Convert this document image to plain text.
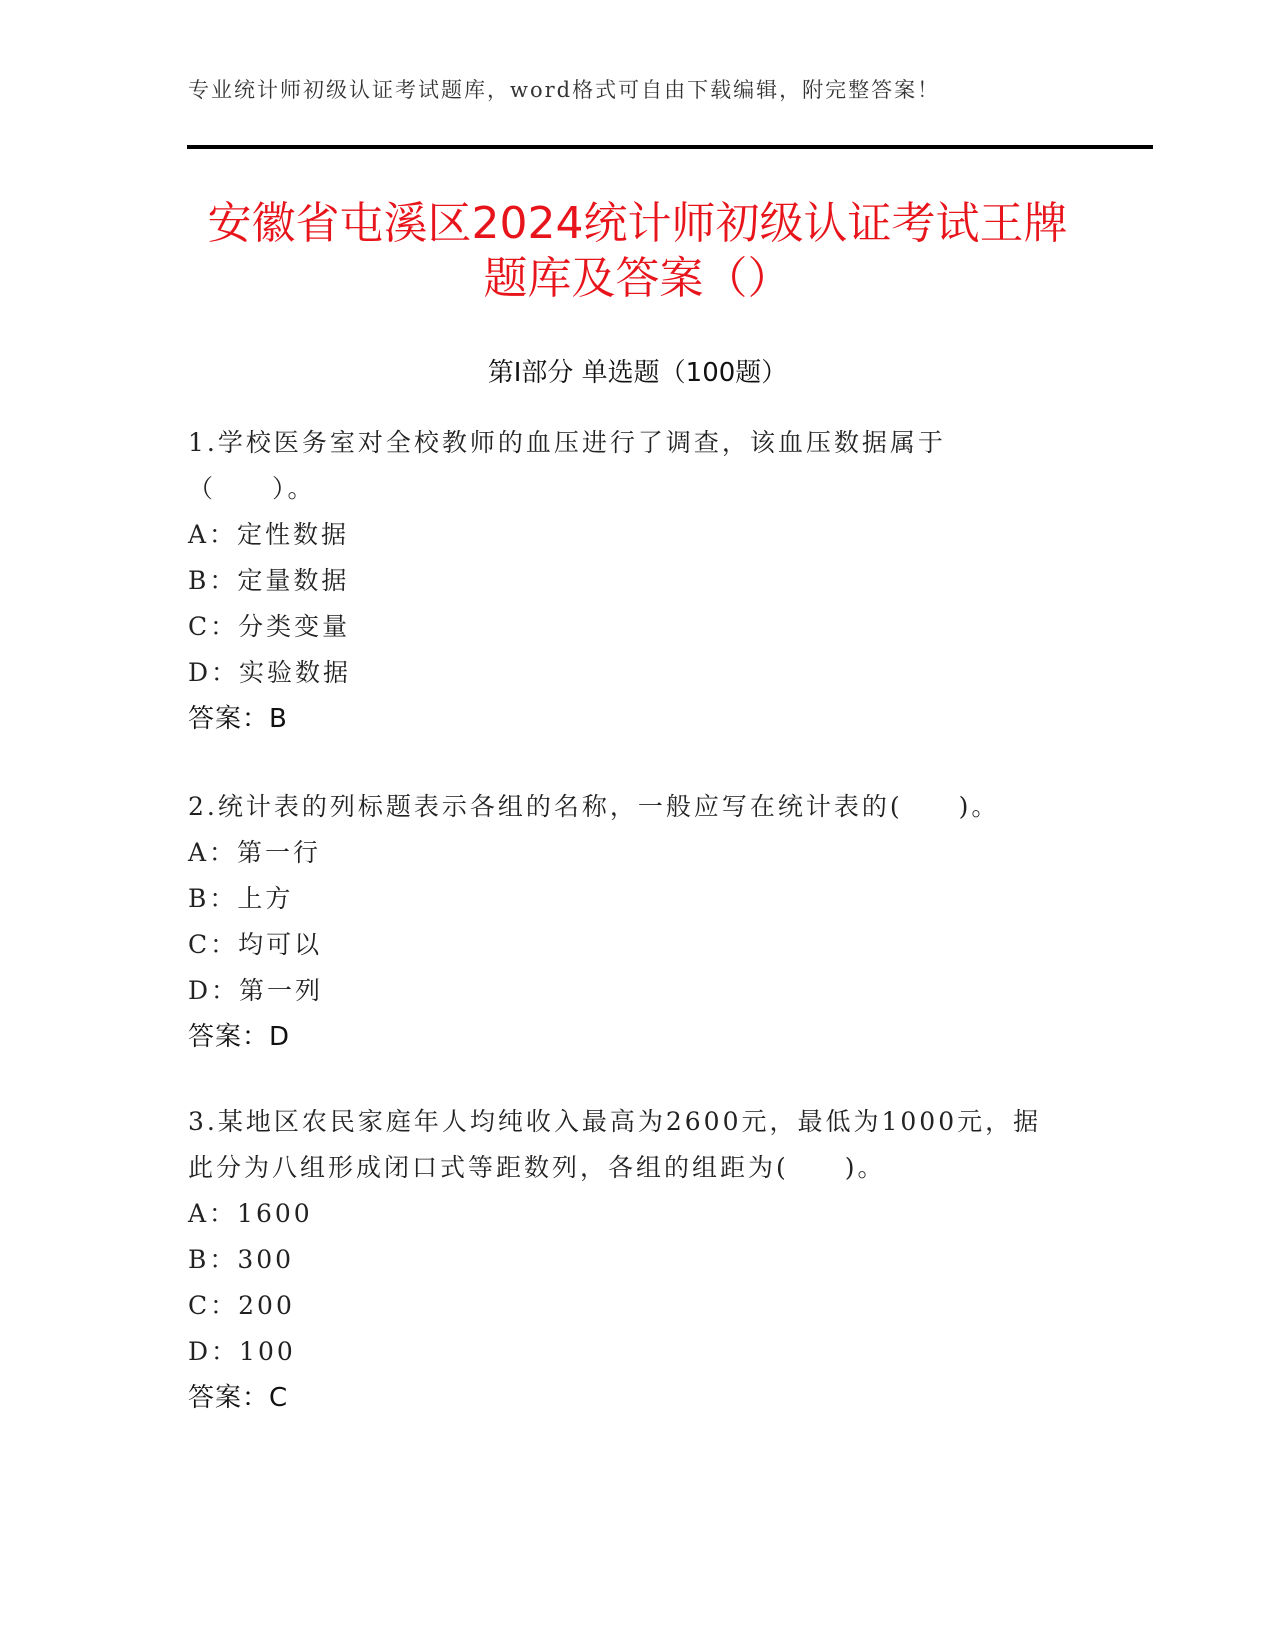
专业统计师初级认证考试题库，word格式可自由下载编辑，附完整答案！
安徽省屯溪区2024统计师初级认证考试王牌
题库及答案（）
第I部分 单选题（100题）
1.学校医务室对全校教师的血压进行了调查，该血压数据属于（　　）。
A：定性数据
B：定量数据
C：分类变量
D：实验数据
答案：B
2.统计表的列标题表示各组的名称，一般应写在统计表的(　　)。
A：第一行
B：上方
C：均可以
D：第一列
答案：D
3.某地区农民家庭年人均纯收入最高为2600元，最低为1000元，据此分为八组形成闭口式等距数列，各组的组距为(　　)。
A：1600
B：300
C：200
D：100
答案：C
